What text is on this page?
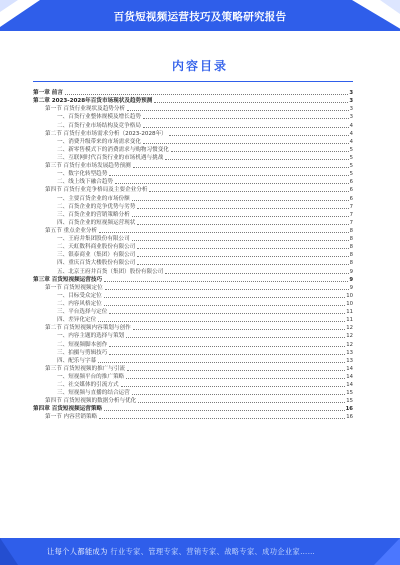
百货短视频运营技巧及策略研究报告
内容目录
第一章 前言	3
第二章 2023-2028年百货市场现状及趋势预测	3
第一节 百货行业现状及趋势分析	3
一、百货行业整体规模及增长趋势	3
二、百货行业市场结构及竞争格局	4
第二节 百货行业市场需求分析（2023-2028年）	4
一、消费升级带来的市场需求变化	4
二、新零售模式下的消费需求与购物习惯变化	5
三、互联网时代百货行业的市场机遇与挑战	5
第三节 百货行业市场发展趋势预测	5
一、数字化转型趋势	5
二、线上线下融合趋势	6
第四节 百货行业竞争格局及主要企业分析	6
一、主要百货企业的市场份额	6
二、百货企业的竞争优势与劣势	7
三、百货企业的营销策略分析	7
四、百货企业的短视频运营现状	7
第五节 重点企业分析	8
一、王府井集团股份有限公司	8
二、天虹数科商业股份有限公司	8
三、银泰商业（集团）有限公司	8
四、重庆百货大楼股份有限公司	8
五、北京王府井百货（集团）股份有限公司	9
第三章 百货短视频运营技巧	9
第一节 百货短视频定位	9
一、目标受众定位	10
二、内容风格定位	10
三、平台选择与定位	11
四、差异化定位	11
第二节 百货短视频内容策划与创作	12
一、内容主题的选择与策划	12
二、短视频脚本创作	12
三、拍摄与剪辑技巧	13
四、配乐与字幕	13
第三节 百货短视频的推广与引流	14
一、短视频平台的推广策略	14
二、社交媒体的引流方式	14
三、短视频与直播的结合运营	15
第四节 百货短视频的数据分析与优化	15
第四章 百货短视频运营策略	16
第一节 内容营销策略	16
让每个人都能成为 行业专家、管理专家、营销专家、战略专家、成功企业家……
